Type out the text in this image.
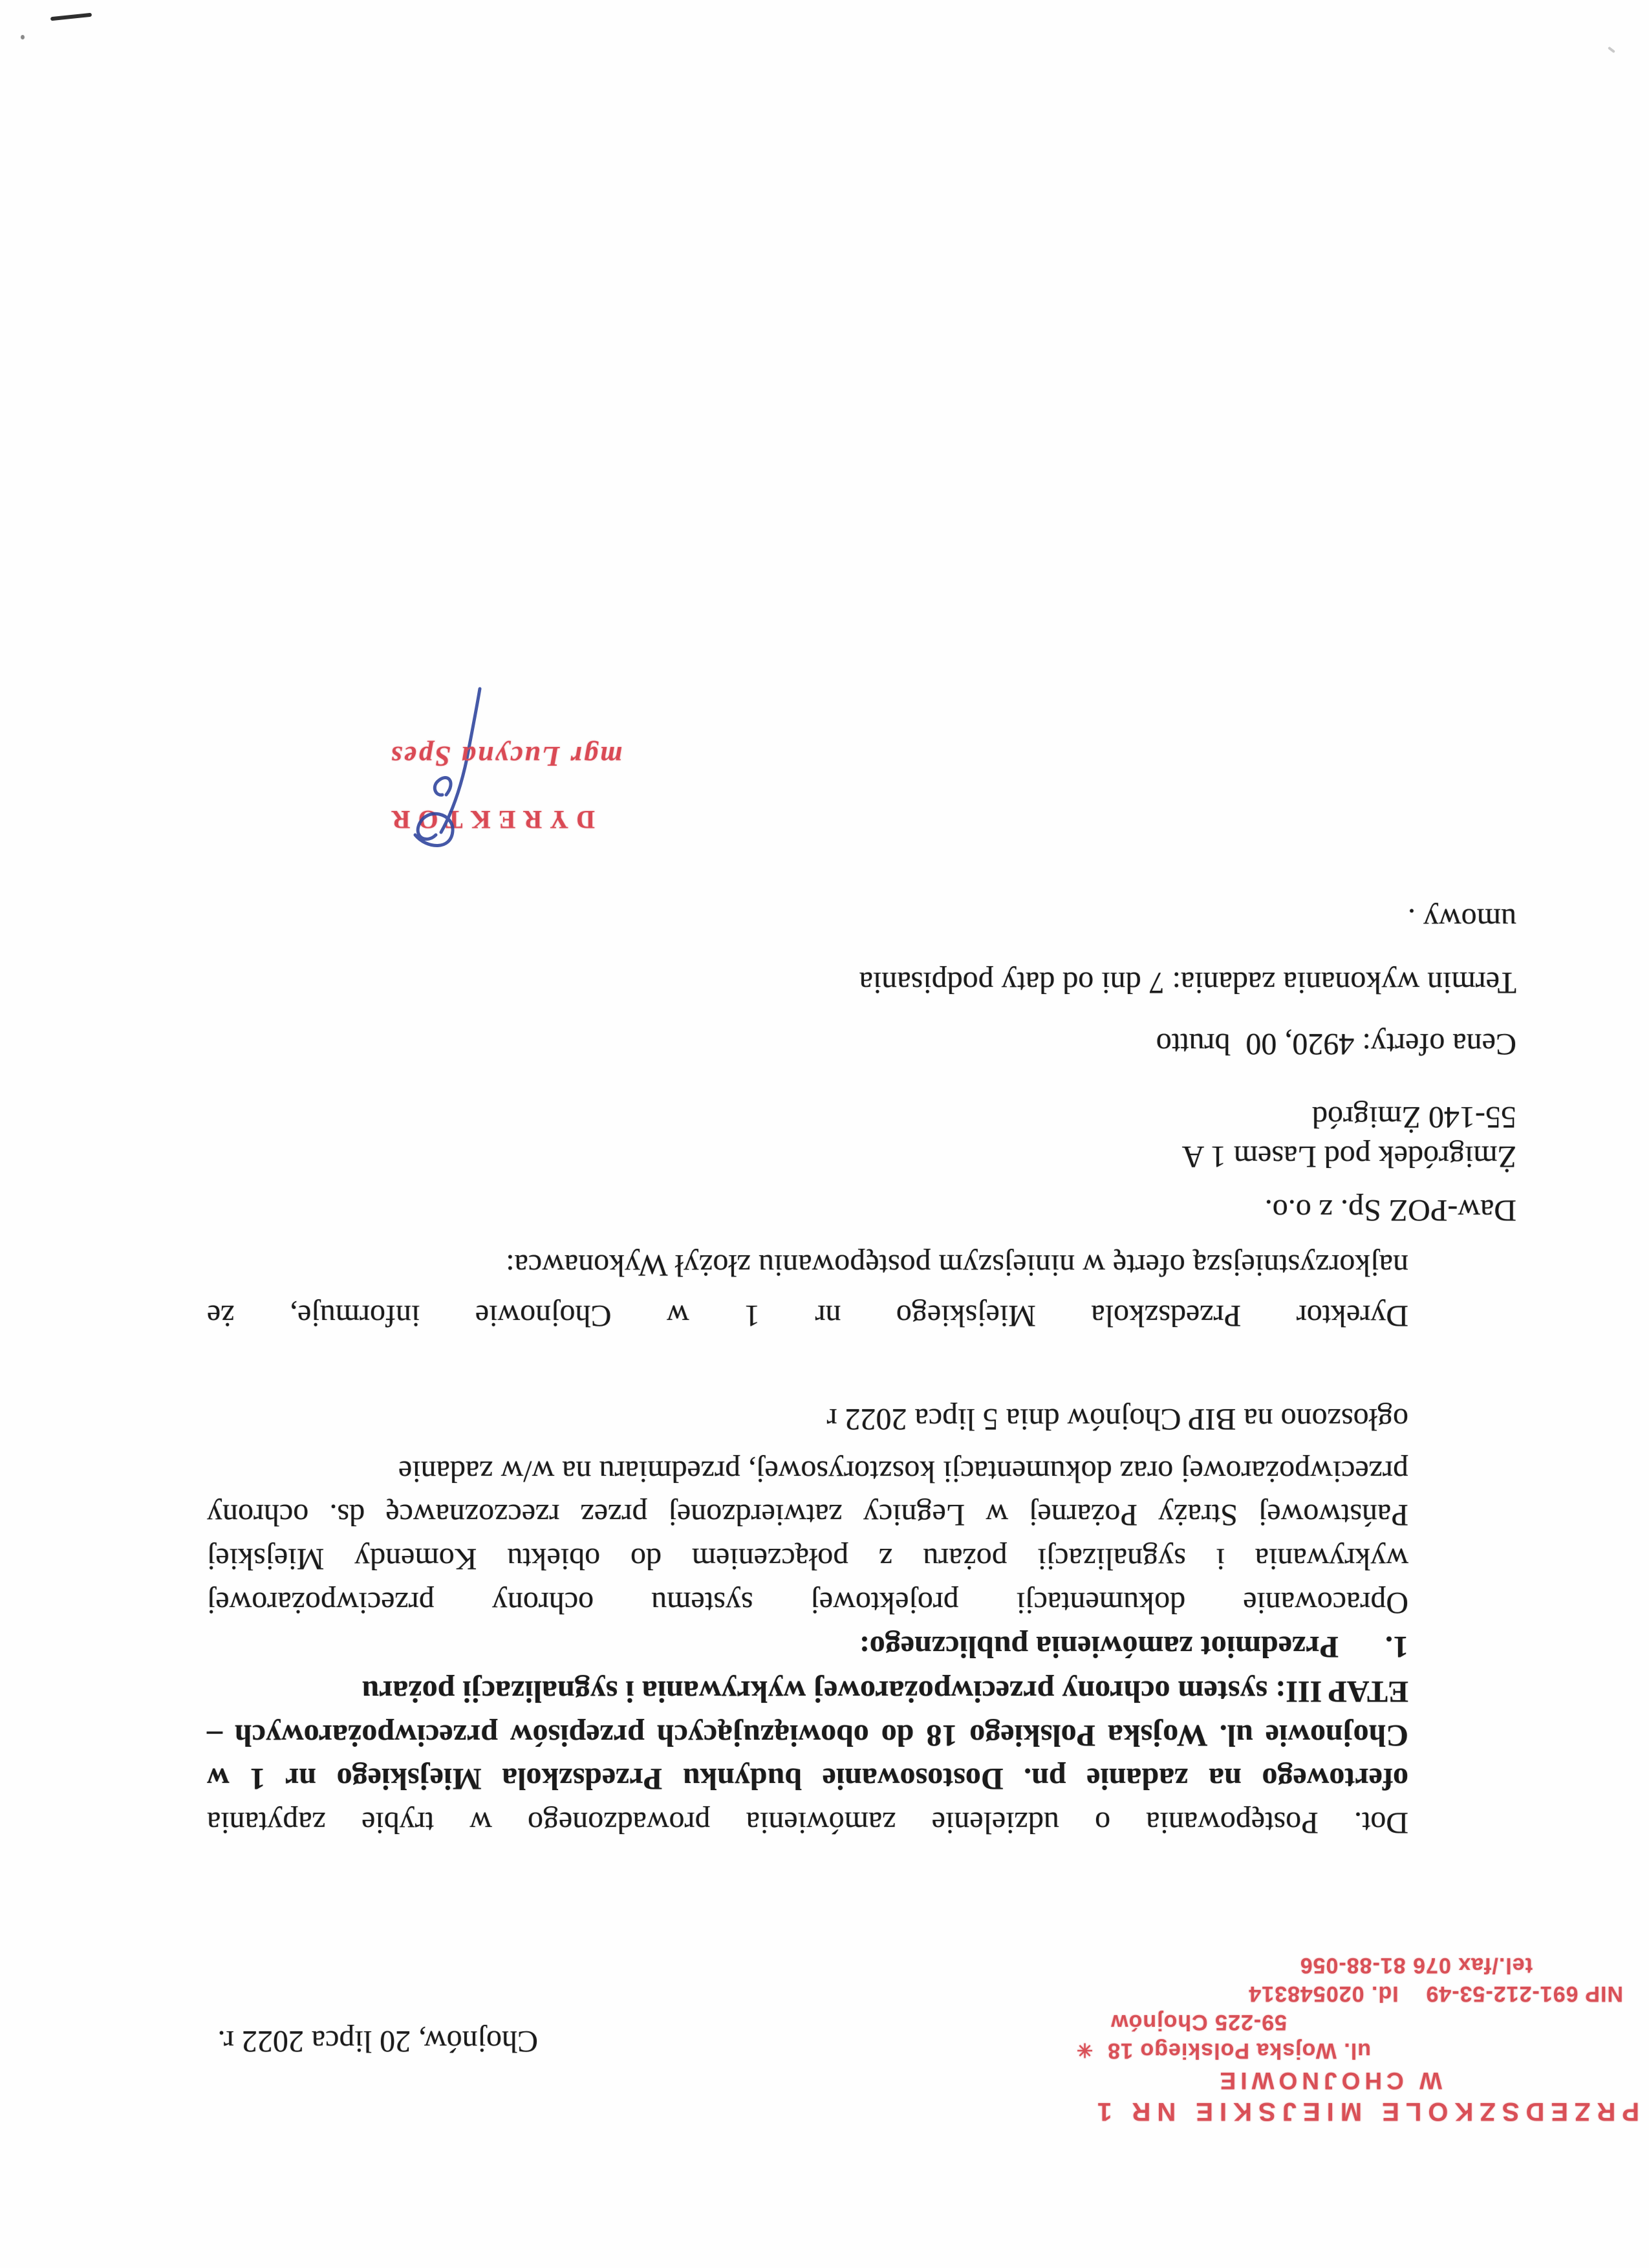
PRZEDSZKOLE MIEJSKIE NR 1
W CHOJNOWIE
ul. Wojska Polskiego 18✳
59-225 Chojnów
NIP 691-212-53-49    Id. 020548314
tel./fax 076 81-88-056
Chojnów, 20 lipca 2022 r.
Dot. Postępowania o udzielenie zamówienia prowadzonego w trybie zapytania
ofertowego na zadanie pn. Dostosowanie budynku Przedszkola Miejskiego nr 1 w
Chojnowie ul. Wojska Polskiego 18 do obowiązujących przepisów przeciwpożarowych –
ETAP III: system ochrony przeciwpożarowej wykrywania i sygnalizacji pożaru
1.      Przedmiot zamówienia publicznego:
Opracowanie dokumentacji projektowej systemu ochrony przeciwpożarowej
wykrywania i sygnalizacji pożaru z połączeniem do obiektu Komendy Miejskiej
Państwowej Straży Pożarnej w Legnicy zatwierdzonej przez rzeczoznawcę ds. ochrony
przeciwpożarowej oraz dokumentacji kosztorysowej, przedmiaru na w/w zadanie
ogłoszono na BIP Chojnów dnia 5 lipca 2022 r
Dyrektor Przedszkola Miejskiego nr 1 w Chojnowie informuje, że
najkorzystniejszą ofertę w niniejszym postępowaniu złożył Wykonawca:
Daw-POZ Sp. z o.o.
Żmigródek pod Lasem 1 A
55-140 Żmigród
Cena oferty: 4920, 00  brutto
Termin wykonania zadania: 7 dni od daty podpisania
umowy .
DYREKTOR
mgr Lucyna Spes
